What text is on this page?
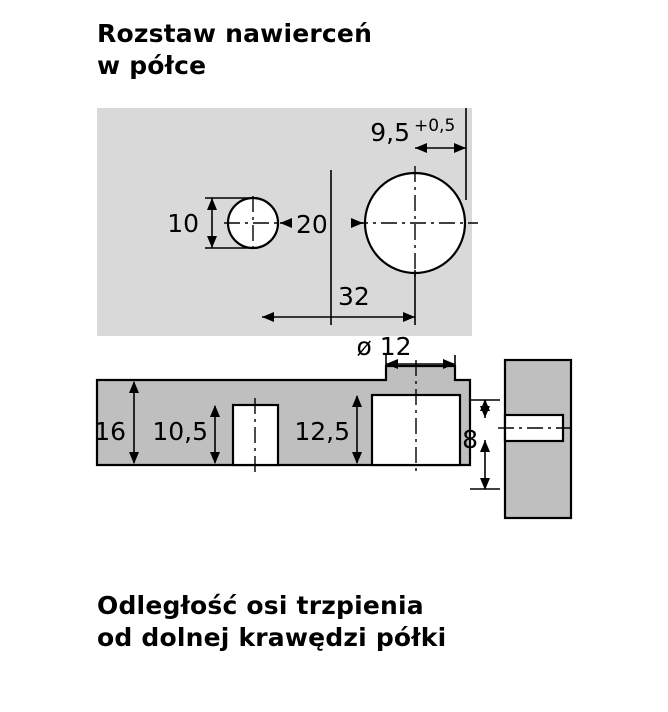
Rozstaw nawierceń
w półce
Odległość osi trzpienia
od dolnej krawędzi półki
10	20
9,5 +0,5
32
ø 12
16 10,5	12,5	8
